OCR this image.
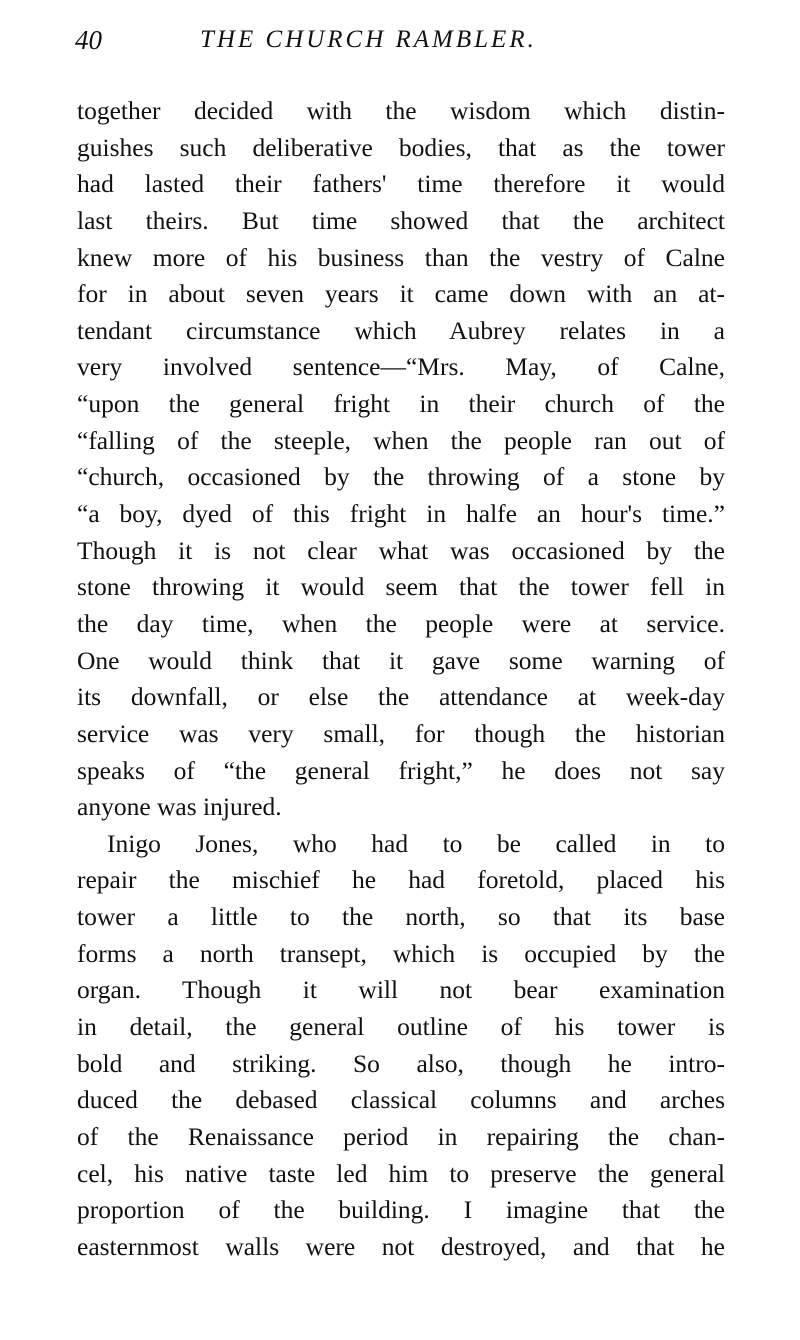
40	THE CHURCH RAMBLER.
together decided with the wisdom which distin-
guishes such deliberative bodies, that as the tower
had lasted their fathers' time therefore it would
last theirs. But time showed that the architect
knew more of his business than the vestry of Calne
for in about seven years it came down with an at-
tendant circumstance which Aubrey relates in a
very involved sentence—“Mrs. May, of Calne,
“upon the general fright in their church of the
“falling of the steeple, when the people ran out of
“church, occasioned by the throwing of a stone by
“a boy, dyed of this fright in halfe an hour's time.”
Though it is not clear what was occasioned by the
stone throwing it would seem that the tower fell in
the day time, when the people were at service.
One would think that it gave some warning of
its downfall, or else the attendance at week-day
service was very small, for though the historian
speaks of “the general fright,” he does not say
anyone was injured.
Inigo Jones, who had to be called in to
repair the mischief he had foretold, placed his
tower a little to the north, so that its base
forms a north transept, which is occupied by the
organ. Though it will not bear examination
in detail, the general outline of his tower is
bold and striking. So also, though he intro-
duced the debased classical columns and arches
of the Renaissance period in repairing the chan-
cel, his native taste led him to preserve the general
proportion of the building. I imagine that the
easternmost walls were not destroyed, and that he
